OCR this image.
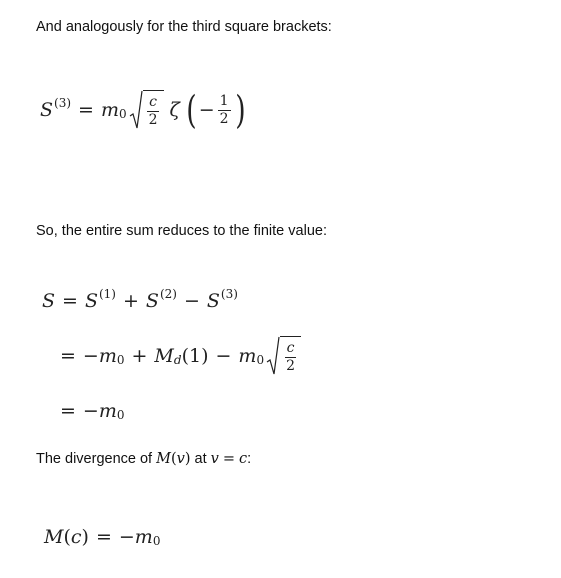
And analogously for the third square brackets:
$S^{(3)} = m_0 \frac{c}{2}$ ζ ( − $\frac{1}{2}$ )
So, the entire sum reduces to the finite value:
$S = S^{(1)} + S^{(2)} - S^{(3)}$
= $-m_0 + M_d$ $(1) - m_0 \frac{c}{2}$
= $-m_0$
The divergence of M(v) at v = c:
M $(c) = -m_0$
